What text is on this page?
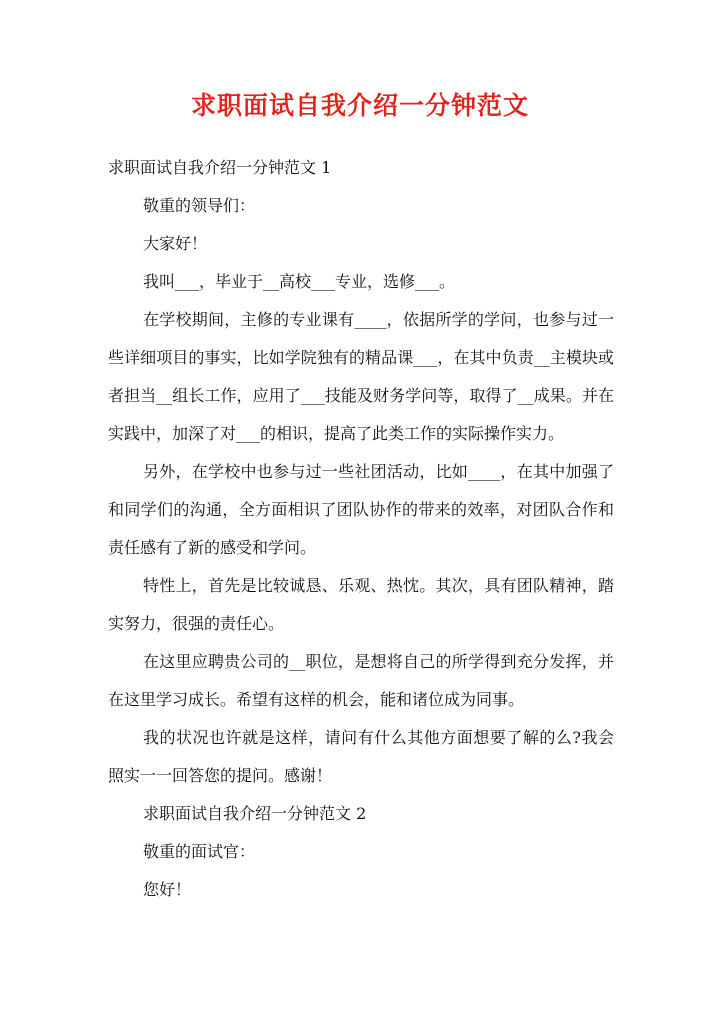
求职面试自我介绍一分钟范文

求职面试自我介绍一分钟范文 1

敬重的领导们：

大家好！

我叫___，毕业于__高校___专业，选修___。

在学校期间，主修的专业课有____，依据所学的学问，也参与过一些详细项目的事实，比如学院独有的精品课___，在其中负责__主模块或者担当__组长工作，应用了___技能及财务学问等，取得了__成果。并在实践中，加深了对___的相识，提高了此类工作的实际操作实力。

另外，在学校中也参与过一些社团活动，比如____，在其中加强了和同学们的沟通，全方面相识了团队协作的带来的效率，对团队合作和责任感有了新的感受和学问。

特性上，首先是比较诚恳、乐观、热忱。其次，具有团队精神，踏实努力，很强的责任心。

在这里应聘贵公司的__职位，是想将自己的所学得到充分发挥，并在这里学习成长。希望有这样的机会，能和诸位成为同事。

我的状况也许就是这样，请问有什么其他方面想要了解的么?我会照实一一回答您的提问。感谢！

求职面试自我介绍一分钟范文 2

敬重的面试官：

您好！
